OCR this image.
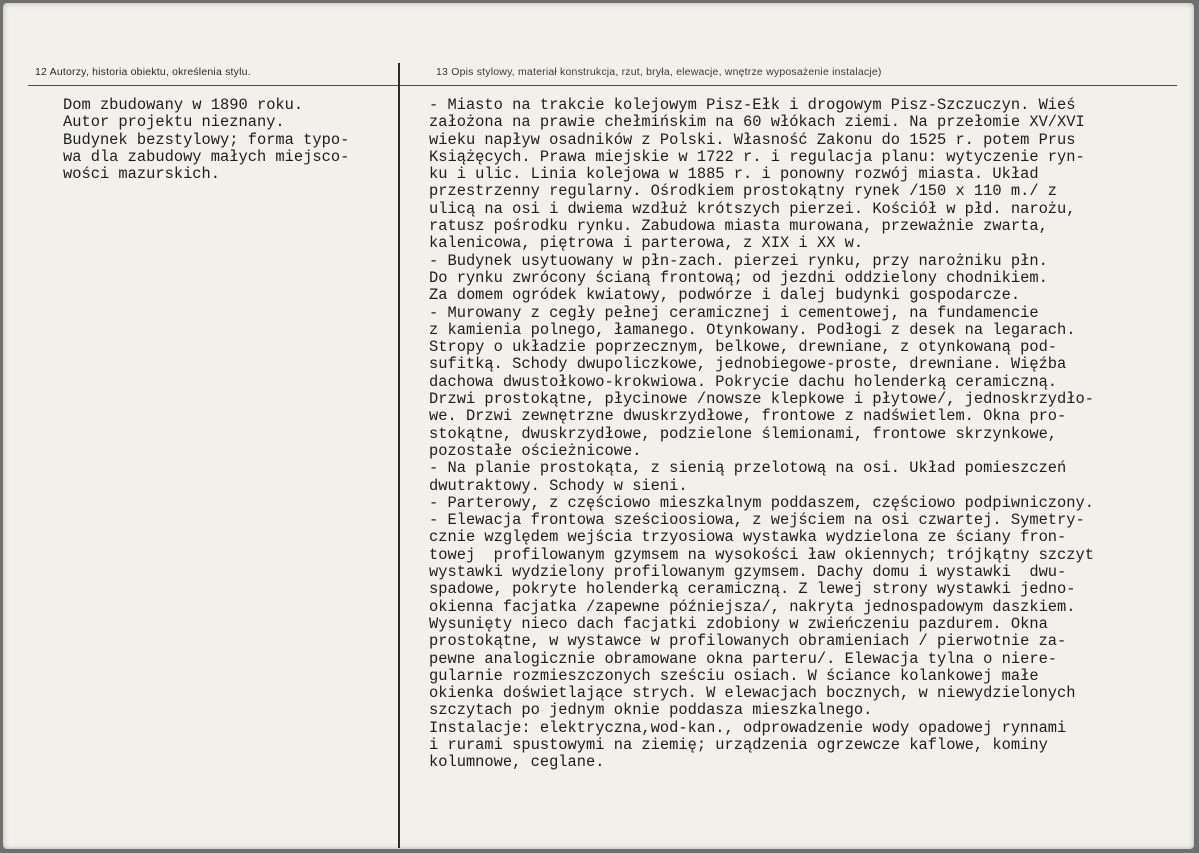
12 Autorzy, historia obiektu, określenia stylu.	13 Opis stylowy, materiał konstrukcja, rzut, bryła, elewacje, wnętrze wyposażenie instalacje)
Dom zbudowany w 1890 roku.
Autor projektu nieznany.
Budynek bezstylowy; forma typo-
wa dla zabudowy małych miejsco-
wości mazurskich.
- Miasto na trakcie kolejowym Pisz-Ełk i drogowym Pisz-Szczuczyn. Wieś
założona na prawie chełmińskim na 60 włókach ziemi. Na przełomie XV/XVI
wieku napływ osadników z Polski. Własność Zakonu do 1525 r. potem Prus
Książęcych. Prawa miejskie w 1722 r. i regulacja planu: wytyczenie ryn-
ku i ulic. Linia kolejowa w 1885 r. i ponowny rozwój miasta. Układ
przestrzenny regularny. Ośrodkiem prostokątny rynek /150 x 110 m./ z
ulicą na osi i dwiema wzdłuż krótszych pierzei. Kościół w płd. narożu,
ratusz pośrodku rynku. Zabudowa miasta murowana, przeważnie zwarta,
kalenicowa, piętrowa i parterowa, z XIX i XX w.
- Budynek usytuowany w płn-zach. pierzei rynku, przy narożniku płn.
Do rynku zwrócony ścianą frontową; od jezdni oddzielony chodnikiem.
Za domem ogródek kwiatowy, podwórze i dalej budynki gospodarcze.
- Murowany z cegły pełnej ceramicznej i cementowej, na fundamencie
z kamienia polnego, łamanego. Otynkowany. Podłogi z desek na legarach.
Stropy o układzie poprzecznym, belkowe, drewniane, z otynkowaną pod-
sufitką. Schody dwupoliczkowe, jednobiegowe-proste, drewniane. Więźba
dachowa dwustołkowo-krokwiowa. Pokrycie dachu holenderką ceramiczną.
Drzwi prostokątne, płycinowe /nowsze klepkowe i płytowe/, jednoskrzydło-
we. Drzwi zewnętrzne dwuskrzydłowe, frontowe z nadświetlem. Okna pro-
stokątne, dwuskrzydłowe, podzielone ślemionami, frontowe skrzynkowe,
pozostałe ościeżnicowe.
- Na planie prostokąta, z sienią przelotową na osi. Układ pomieszczeń
dwutraktowy. Schody w sieni.
- Parterowy, z częściowo mieszkalnym poddaszem, częściowo podpiwniczony.
- Elewacja frontowa sześcioosiowa, z wejściem na osi czwartej. Symetry-
cznie względem wejścia trzyosiowa wystawka wydzielona ze ściany fron-
towej  profilowanym gzymsem na wysokości ław okiennych; trójkątny szczyt
wystawki wydzielony profilowanym gzymsem. Dachy domu i wystawki  dwu-
spadowe, pokryte holenderką ceramiczną. Z lewej strony wystawki jedno-
okienna facjatka /zapewne późniejsza/, nakryta jednospadowym daszkiem.
Wysunięty nieco dach facjatki zdobiony w zwieńczeniu pazdurem. Okna
prostokątne, w wystawce w profilowanych obramieniach / pierwotnie za-
pewne analogicznie obramowane okna parteru/. Elewacja tylna o niere-
gularnie rozmieszczonych sześciu osiach. W ściance kolankowej małe
okienka doświetlające strych. W elewacjach bocznych, w niewydzielonych
szczytach po jednym oknie poddasza mieszkalnego.
Instalacje: elektryczna,wod-kan., odprowadzenie wody opadowej rynnami
i rurami spustowymi na ziemię; urządzenia ogrzewcze kaflowe, kominy
kolumnowe, ceglane.
